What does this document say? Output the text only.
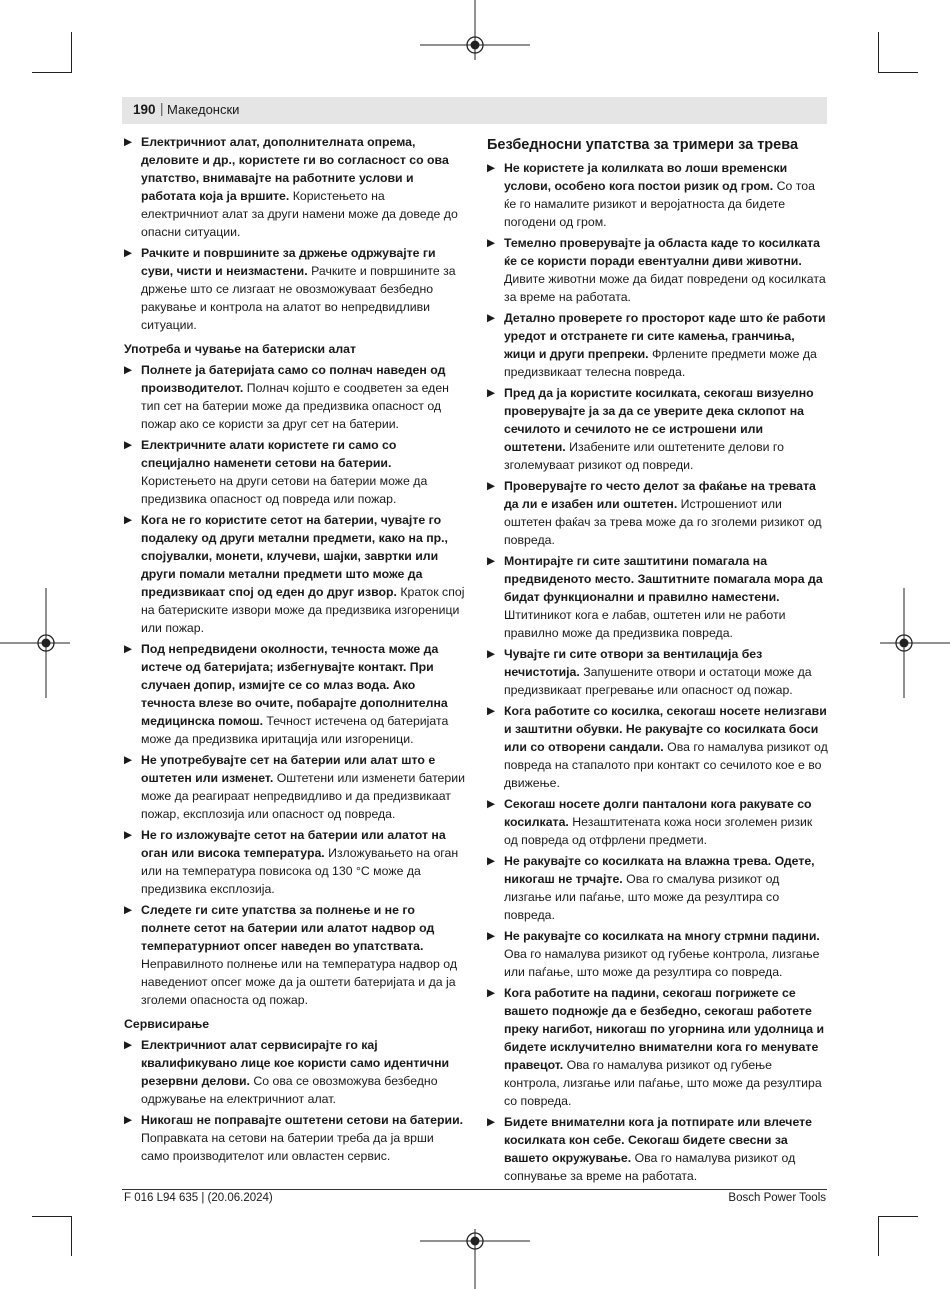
190 | Македонски
▶ Електричниот алат, дополнителната опрема, деловите и др., користете ги во согласност со ова упатство, внимавајте на работните услови и работата која ја вршите. Користењето на електричниот алат за други намени може да доведе до опасни ситуации.
▶ Рачките и површините за држење одржувајте ги суви, чисти и неизмастени. Рачките и површините за држење што се лизгаат не овозможуваат безбедно ракување и контрола на алатот во непредвидливи ситуации.
Употреба и чување на батериски алат
▶ Полнете ја батеријата само со полнач наведен од производителот. Полнач којшто е соодветен за еден тип сет на батерии може да предизвика опасност од пожар ако се користи за друг сет на батерии.
▶ Електричните алати користете ги само со специјално наменети сетови на батерии. Користењето на други сетови на батерии може да предизвика опасност од повреда или пожар.
▶ Кога не го користите сетот на батерии, чувајте го подалеку од други метални предмети, како на пр., спојувалки, монети, клучеви, шајки, завртки или други помали метални предмети што може да предизвикаат спој од еден до друг извор. Краток спој на батериските извори може да предизвика изгореници или пожар.
▶ Под непредвидени околности, течноста може да истече од батеријата; избегнувајте контакт. При случаен допир, измијте се со млаз вода. Ако течноста влезе во очите, побарајте дополнителна медицинска помош. Течност истечена од батеријата може да предизвика иритација или изгореници.
▶ Не употребувајте сет на батерии или алат што е оштетен или изменет. Оштетени или изменети батерии може да реагираат непредвидливо и да предизвикаат пожар, експлозија или опасност од повреда.
▶ Не го изложувајте сетот на батерии или алатот на оган или висока температура. Изложувањето на оган или на температура повисока од 130 °C може да предизвика експлозија.
▶ Следете ги сите упатства за полнење и не го полнете сетот на батерии или алатот надвор од температурниот опсег наведен во упатствата. Неправилното полнење или на температура надвор од наведениот опсег може да ја оштети батеријата и да ја зголеми опасноста од пожар.
Сервисирање
▶ Електричниот алат сервисирајте го кај квалификувано лице кое користи само идентични резервни делови. Со ова се овозможува безбедно одржување на електричниот алат.
▶ Никогаш не поправајте оштетени сетови на батерии. Поправката на сетови на батерии треба да ја врши само производителот или овластен сервис.
Безбедносни упатства за тримери за трева
▶ Не користете ја колилката во лоши временски услови, особено кога постои ризик од гром. Со тоа ќе го намалите ризикот и веројатноста да бидете погодени од гром.
▶ Темелно проверувајте ја областа каде то косилката ќе се користи поради евентуални диви животни. Дивите животни може да бидат повредени од косилката за време на работата.
▶ Детално проверете го просторот каде што ќе работи уредот и отстранете ги сите камења, гранчиња, жици и други препреки. Фрлените предмети може да предизвикаат телесна повреда.
▶ Пред да ја користите косилката, секогаш визуелно проверувајте ја за да се уверите дека склопот на сечилото и сечилото не се истрошени или оштетени. Изабените или оштетените делови го зголемуваат ризикот од повреди.
▶ Проверувајте го често делот за фаќање на тревата да ли е изабен или оштетен. Истрошениот или оштетен фаќач за трева може да го зголеми ризикот од повреда.
▶ Монтирајте ги сите заштитини помагала на предвиденото место. Заштитните помагала мора да бидат функционални и правилно наместени. Штитиникот кога е лабав, оштетен или не работи правилно може да предизвика повреда.
▶ Чувајте ги сите отвори за вентилација без нечистотија. Запушените отвори и остатоци може да предизвикаат прегревање или опасност од пожар.
▶ Кога работите со косилка, секогаш носете нелизгави и заштитни обувки. Не ракувајте со косилката боси или со отворени сандали. Ова го намалува ризикот од повреда на стапалото при контакт со сечилото кое е во движење.
▶ Секогаш носете долги панталони кога ракувате со косилката. Незаштитената кожа носи зголемен ризик од повреда од отфрлени предмети.
▶ Не ракувајте со косилката на влажна трева. Одете, никогаш не трчајте. Ова го смалува ризикот од лизгање или паѓање, што може да резултира со повреда.
▶ Не ракувајте со косилката на многу стрмни падини. Ова го намалува ризикот од губење контрола, лизгање или паѓање, што може да резултира со повреда.
▶ Кога работите на падини, секогаш погрижете се вашето подножје да е безбедно, секогаш работете преку нагибот, никогаш по угорнина или удолница и бидете исклучително внимателни кога го менувате правецот. Ова го намалува ризикот од губење контрола, лизгање или паѓање, што може да резултира со повреда.
▶ Бидете внимателни кога ја потпирате или влечете косилката кон себе. Секогаш бидете свесни за вашето окружување. Ова го намалува ризикот од сопнување за време на работата.
F 016 L94 635 | (20.06.2024)	Bosch Power Tools
